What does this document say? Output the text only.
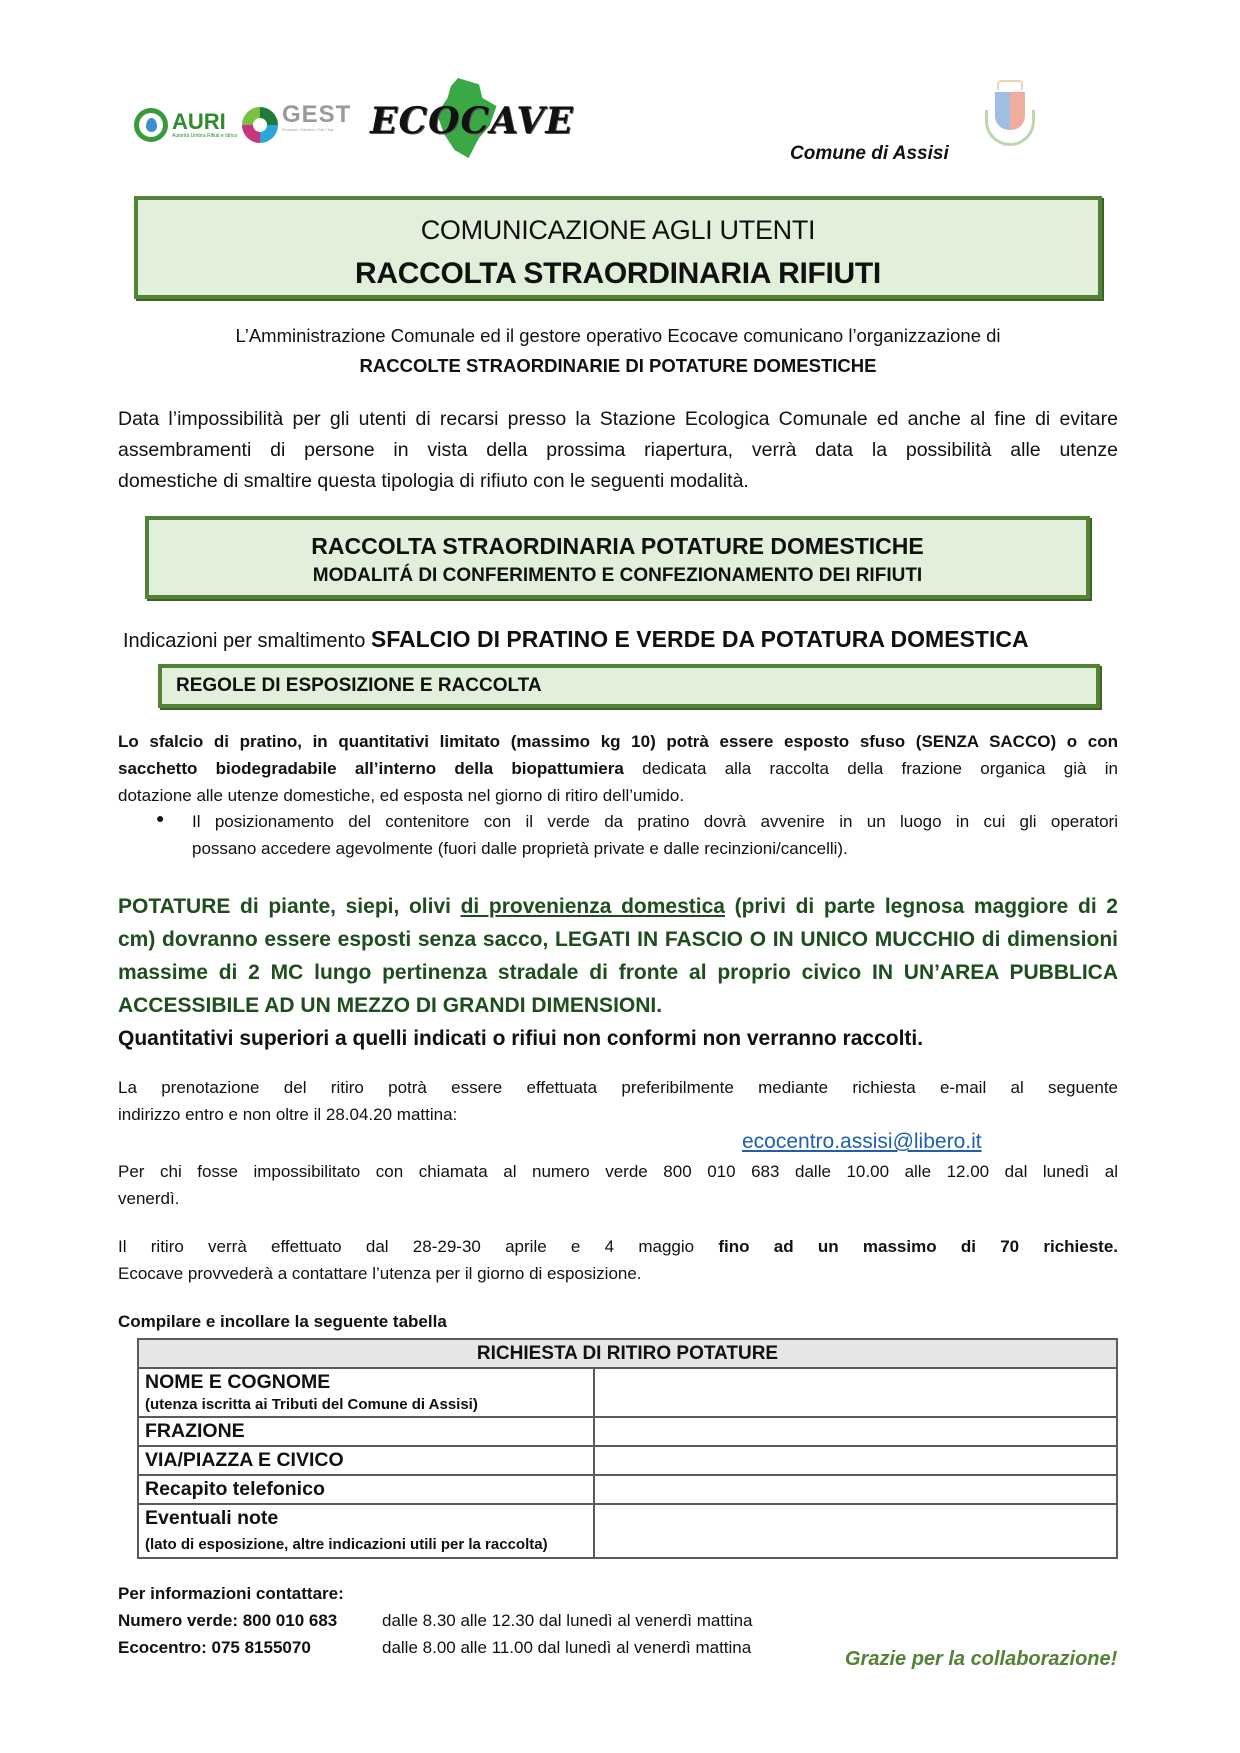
AURI
Autorità Umbra Rifiuti e Idrico
GEST
Ecocave / Gesenu / Sia / Tsa	ECOCAVE
Comune di Assisi
COMUNICAZIONE AGLI UTENTI
RACCOLTA STRAORDINARIA RIFIUTI
L’Amministrazione Comunale ed il gestore operativo Ecocave comunicano l’organizzazione di
RACCOLTE STRAORDINARIE DI POTATURE DOMESTICHE
Data l’impossibilità per gli utenti di recarsi presso la Stazione Ecologica Comunale ed anche al fine di evitare
assembramenti di persone in vista della prossima riapertura, verrà data la possibilità alle utenze
domestiche di smaltire questa tipologia di rifiuto con le seguenti modalità.
RACCOLTA STRAORDINARIA POTATURE DOMESTICHE
MODALITÁ DI CONFERIMENTO E CONFEZIONAMENTO DEI RIFIUTI
Indicazioni per smaltimento SFALCIO DI PRATINO E VERDE DA POTATURA DOMESTICA
REGOLE DI ESPOSIZIONE E RACCOLTA
Lo sfalcio di pratino, in quantitativi limitato (massimo kg 10) potrà essere esposto sfuso (SENZA SACCO) o con
sacchetto biodegradabile all’interno della biopattumiera dedicata alla raccolta della frazione organica già in
dotazione alle utenze domestiche, ed esposta nel giorno di ritiro dell’umido.
● Il posizionamento del contenitore con il verde da pratino dovrà avvenire in un luogo in cui gli operatori
possano accedere agevolmente (fuori dalle proprietà private e dalle recinzioni/cancelli).
POTATURE di piante, siepi, olivi di provenienza domestica (privi di parte legnosa maggiore di 2
cm) dovranno essere esposti senza sacco, LEGATI IN FASCIO O IN UNICO MUCCHIO di dimensioni
massime di 2 MC lungo pertinenza stradale di fronte al proprio civico IN UN’AREA PUBBLICA
ACCESSIBILE AD UN MEZZO DI GRANDI DIMENSIONI.
Quantitativi superiori a quelli indicati o rifiui non conformi non verranno raccolti.
La prenotazione del ritiro potrà essere effettuata preferibilmente mediante richiesta e-mail al seguente
indirizzo entro e non oltre il 28.04.20 mattina:
ecocentro.assisi@libero.it
Per chi fosse impossibilitato con chiamata al numero verde 800 010 683 dalle 10.00 alle 12.00 dal lunedì al
venerdì.
Il ritiro verrà effettuato dal 28-29-30 aprile e 4 maggio fino ad un massimo di 70 richieste.
Ecocave provvederà a contattare l’utenza per il giorno di esposizione.
Compilare e incollare la seguente tabella
RICHIESTA DI RITIRO POTATURE	
NOME E COGNOME
(utenza iscritta ai Tributi del Comune di Assisi)	

FRAZIONE	
VIA/PIAZZA E CIVICO	
Recapito telefonico	
Eventuali note
(lato di esposizione, altre indicazioni utili per la raccolta)	

Per informazioni contattare:
Numero verde: 800 010 683	dalle 8.30 alle 12.30 dal lunedì al venerdì mattina
Ecocentro: 075 8155070	dalle 8.00 alle 11.00 dal lunedì al venerdì mattina
Grazie per la collaborazione!
